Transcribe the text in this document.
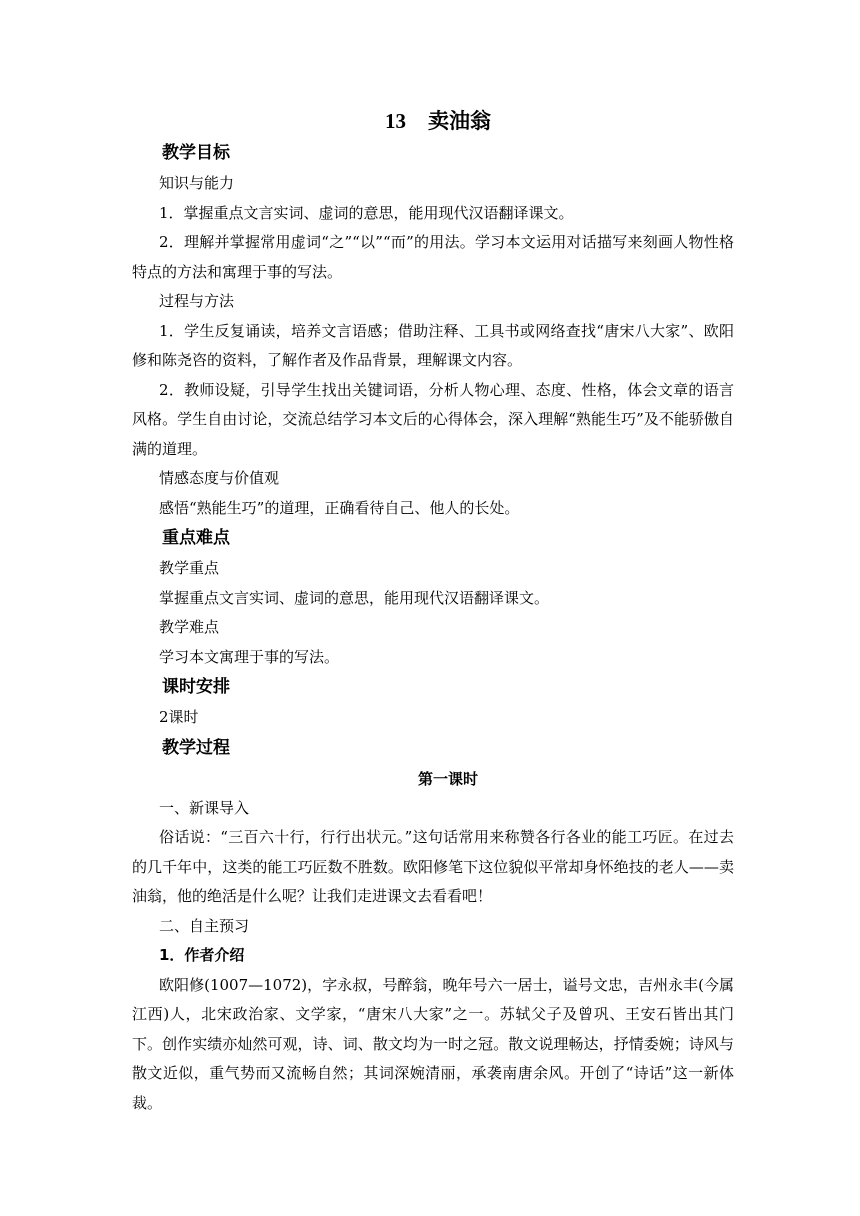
13 卖油翁
教学目标
知识与能力
1．掌握重点文言实词、虚词的意思，能用现代汉语翻译课文。
2．理解并掌握常用虚词“之”“以”“而”的用法。学习本文运用对话描写来刻画人物性格特点的方法和寓理于事的写法。
过程与方法
1．学生反复诵读，培养文言语感；借助注释、工具书或网络查找“唐宋八大家”、欧阳修和陈尧咨的资料，了解作者及作品背景，理解课文内容。
2．教师设疑，引导学生找出关键词语，分析人物心理、态度、性格，体会文章的语言风格。学生自由讨论，交流总结学习本文后的心得体会，深入理解“熟能生巧”及不能骄傲自满的道理。
情感态度与价值观
感悟“熟能生巧”的道理，正确看待自己、他人的长处。
重点难点
教学重点
掌握重点文言实词、虚词的意思，能用现代汉语翻译课文。
教学难点
学习本文寓理于事的写法。
课时安排
2课时
教学过程
第一课时
一、新课导入
俗话说：“三百六十行，行行出状元。”这句话常用来称赞各行各业的能工巧匠。在过去的几千年中，这类的能工巧匠数不胜数。欧阳修笔下这位貌似平常却身怀绝技的老人——卖油翁，他的绝活是什么呢？让我们走进课文去看看吧！
二、自主预习
1．作者介绍
欧阳修(1007—1072)，字永叔，号醉翁，晚年号六一居士，谥号文忠，吉州永丰(今属江西)人，北宋政治家、文学家，“唐宋八大家”之一。苏轼父子及曾巩、王安石皆出其门下。创作实绩亦灿然可观，诗、词、散文均为一时之冠。散文说理畅达，抒情委婉；诗风与散文近似，重气势而又流畅自然；其词深婉清丽，承袭南唐余风。开创了“诗话”这一新体裁。
